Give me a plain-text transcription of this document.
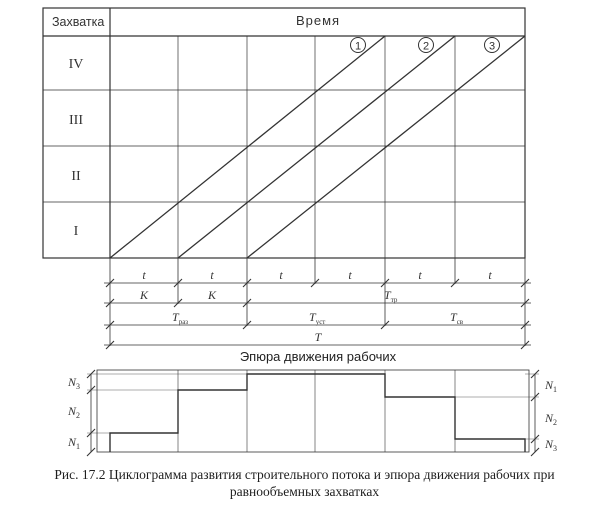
Захватка	Время
IV
III
II
I
1	2	3
t	t	t	t	t	t
K	K	$T_{тр}$
$T_{раз}$	$T_{уст}$	$T_{св}$
T
Эпюра движения рабочих
$N_3$
$N_2$
$N_1$
$N_1$
$N_2$
$N_3$
Рис. 17.2 Циклограмма развития строительного потока и эпюра движения рабочих при
равнообъемных захватках
